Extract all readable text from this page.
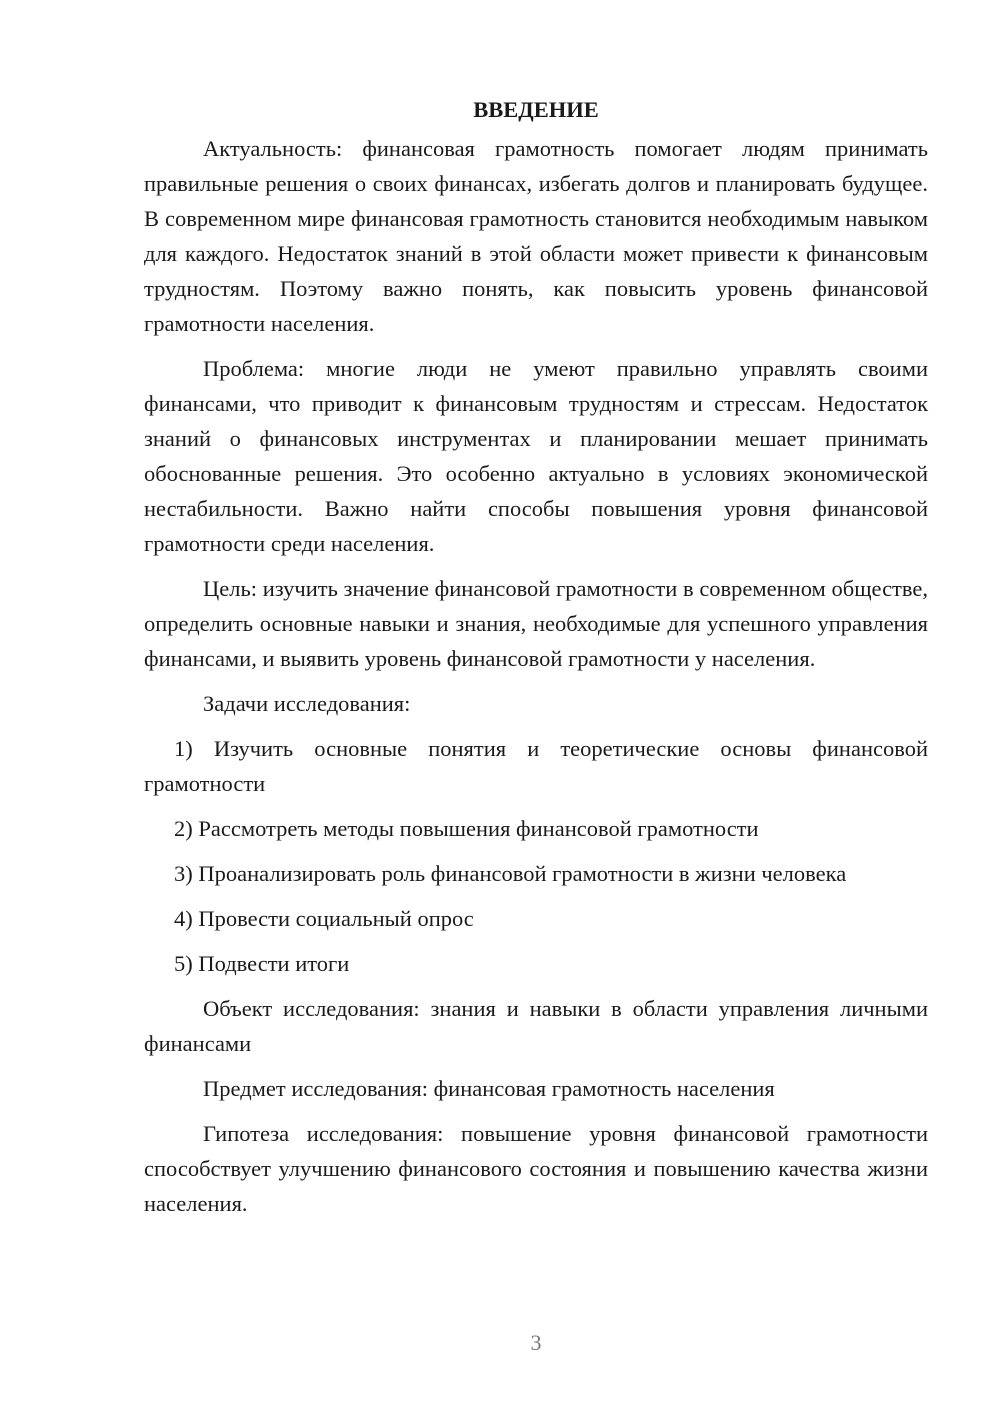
ВВЕДЕНИЕ

Актуальность: финансовая грамотность помогает людям принимать правильные решения о своих финансах, избегать долгов и планировать будущее. В современном мире финансовая грамотность становится необходимым навыком для каждого. Недостаток знаний в этой области может привести к финансовым трудностям. Поэтому важно понять, как повысить уровень финансовой грамотности населения.

Проблема: многие люди не умеют правильно управлять своими финансами, что приводит к финансовым трудностям и стрессам. Недостаток знаний о финансовых инструментах и планировании мешает принимать обоснованные решения. Это особенно актуально в условиях экономической нестабильности. Важно найти способы повышения уровня финансовой грамотности среди населения.

Цель: изучить значение финансовой грамотности в современном обществе, определить основные навыки и знания, необходимые для успешного управления финансами, и выявить уровень финансовой грамотности у населения.

Задачи исследования:

1) Изучить основные понятия и теоретические основы финансовой грамотности

2) Рассмотреть методы повышения финансовой грамотности

3) Проанализировать роль финансовой грамотности в жизни человека

4) Провести социальный опрос

5) Подвести итоги

Объект исследования: знания и навыки в области управления личными финансами

Предмет исследования: финансовая грамотность населения

Гипотеза исследования: повышение уровня финансовой грамотности способствует улучшению финансового состояния и повышению качества жизни населения.

3
